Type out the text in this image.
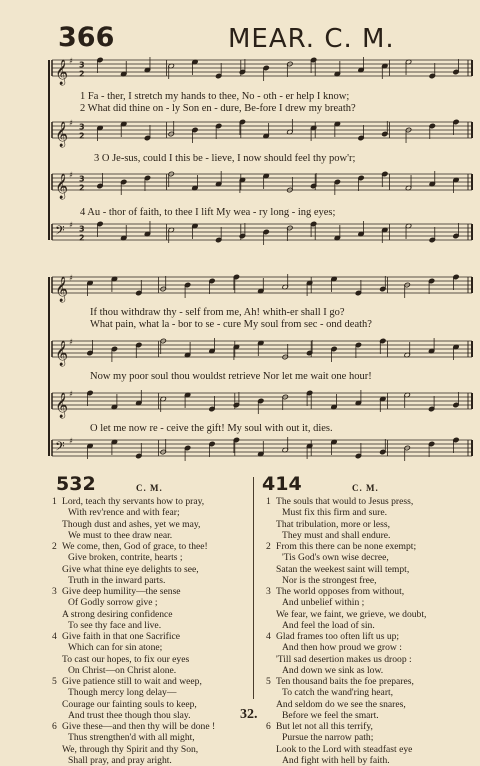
366	MEAR. C. M.
𝄞 ♯ 3
2
𝄞 ♯ 3
2
𝄞 ♯ 3
2
𝄢 ♯ 3
2
𝄞 ♯
𝄞 ♯
𝄞 ♯
𝄢 ♯
1 Fa - ther, I stretch my hands to thee, No - oth - er help I know;
2 What did thine on - ly Son en - dure, Be-fore I drew my breath?
3 O Je-sus, could I this be - lieve, I now should feel thy pow'r;
4 Au - thor of faith, to thee I lift My wea - ry long - ing eyes;
If thou withdraw thy - self from me, Ah! whith-er shall I go?
What pain, what la - bor to se - cure My soul from sec - ond death?
Now my poor soul thou wouldst retrieve Nor let me wait one hour!
O let me now re - ceive the gift! My soul with out it, dies.
532	C. M.
1 Lord, teach thy servants how to pray,
With rev'rence and with fear;
Though dust and ashes, yet we may,
We must to thee draw near.
2 We come, then, God of grace, to thee!
Give broken, contrite, hearts ;
Give what thine eye delights to see,
Truth in the inward parts.
3 Give deep humility—the sense
Of Godly sorrow give ;
A strong desiring confidence
To see thy face and live.
4 Give faith in that one Sacrifice
Which can for sin atone;
To cast our hopes, to fix our eyes
On Christ—on Christ alone.
5 Give patience still to wait and weep,
Though mercy long delay—
Courage our fainting souls to keep,
And trust thee though thou slay.
6 Give these—and then thy will be done !
Thus strengthen'd with all might,
We, through thy Spirit and thy Son,
Shall pray, and pray aright.
414	C. M.
1 The souls that would to Jesus press,
Must fix this firm and sure.
That tribulation, more or less,
They must and shall endure.
2 From this there can be none exempt;
'Tis God's own wise decree,
Satan the weekest saint will tempt,
Nor is the strongest free,
3 The world opposes from without,
And unbelief within ;
We fear, we faint, we grieve, we doubt,
And feel the load of sin.
4 Glad frames too often lift us up;
And then how proud we grow :
'Till sad desertion makes us droop :
And down we sink as low.
5 Ten thousand baits the foe prepares,
To catch the wand'ring heart,
And seldom do we see the snares,
Before we feel the smart.
6 But let not all this terrify,
Pursue the narrow path;
Look to the Lord with steadfast eye
And fight with hell by faith.
32.
